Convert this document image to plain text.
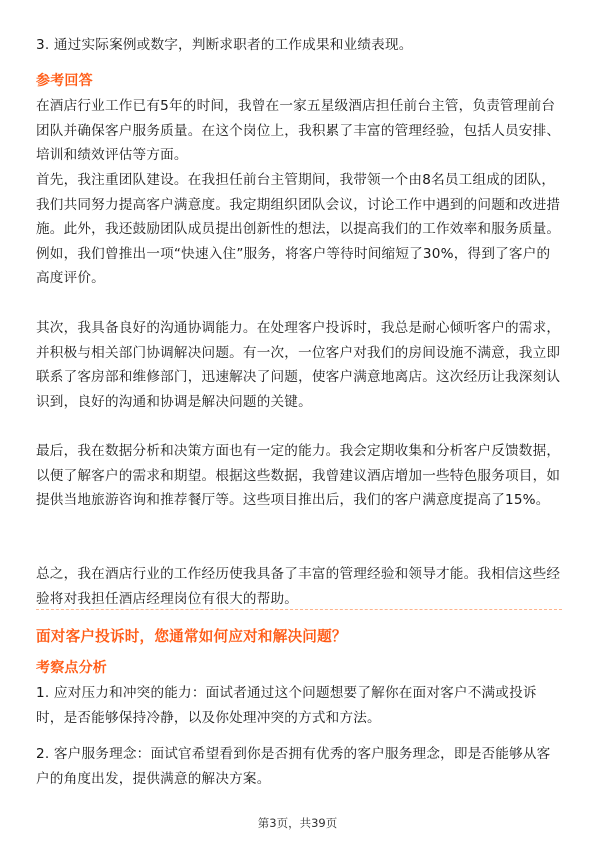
3. 通过实际案例或数字，判断求职者的工作成果和业绩表现。

参考回答

在酒店行业工作已有5年的时间，我曾在一家五星级酒店担任前台主管，负责管理前台团队并确保客户服务质量。在这个岗位上，我积累了丰富的管理经验，包括人员安排、培训和绩效评估等方面。

首先，我注重团队建设。在我担任前台主管期间，我带领一个由8名员工组成的团队，我们共同努力提高客户满意度。我定期组织团队会议，讨论工作中遇到的问题和改进措施。此外，我还鼓励团队成员提出创新性的想法，以提高我们的工作效率和服务质量。例如，我们曾推出一项“快速入住”服务，将客户等待时间缩短了30%，得到了客户的高度评价。

其次，我具备良好的沟通协调能力。在处理客户投诉时，我总是耐心倾听客户的需求，并积极与相关部门协调解决问题。有一次，一位客户对我们的房间设施不满意，我立即联系了客房部和维修部门，迅速解决了问题，使客户满意地离店。这次经历让我深刻认识到，良好的沟通和协调是解决问题的关键。

最后，我在数据分析和决策方面也有一定的能力。我会定期收集和分析客户反馈数据，以便了解客户的需求和期望。根据这些数据，我曾建议酒店增加一些特色服务项目，如提供当地旅游咨询和推荐餐厅等。这些项目推出后，我们的客户满意度提高了15%。

总之，我在酒店行业的工作经历使我具备了丰富的管理经验和领导才能。我相信这些经验将对我担任酒店经理岗位有很大的帮助。

面对客户投诉时，您通常如何应对和解决问题？
考察点分析

1. 应对压力和冲突的能力：面试者通过这个问题想要了解你在面对客户不满或投诉时，是否能够保持冷静，以及你处理冲突的方式和方法。

2. 客户服务理念：面试官希望看到你是否拥有优秀的客户服务理念，即是否能够从客户的角度出发，提供满意的解决方案。

第3页，共39页
